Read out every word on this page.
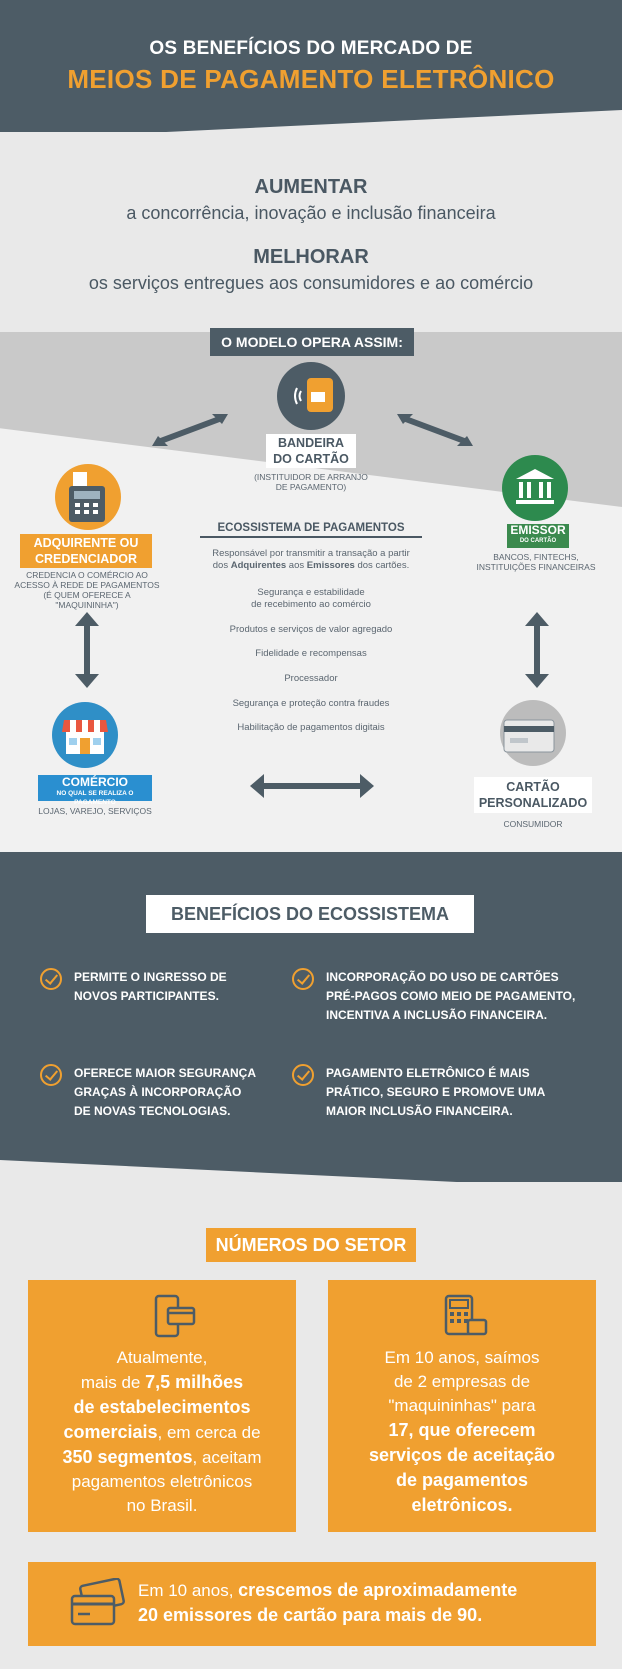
OS BENEFÍCIOS DO MERCADO DE
MEIOS DE PAGAMENTO ELETRÔNICO
AUMENTAR
a concorrência, inovação e inclusão financeira
MELHORAR
os serviços entregues aos consumidores e ao comércio
O MODELO OPERA ASSIM:
BANDEIRA
DO CARTÃO
(INSTITUIDOR DE ARRANJO DE PAGAMENTO)
ADQUIRENTE OU
CREDENCIADOR
CREDENCIA O COMÉRCIO AO ACESSO À REDE DE PAGAMENTOS (É QUEM OFERECE A "MAQUININHA")
EMISSOR
DO CARTÃO
BANCOS, FINTECHS, INSTITUIÇÕES FINANCEIRAS
ECOSSISTEMA DE PAGAMENTOS
Responsável por transmitir a transação a partir
dos Adquirentes aos Emissores dos cartões.
Segurança e estabilidade
de recebimento ao comércio
Produtos e serviços de valor agregado
Fidelidade e recompensas
Processador
Segurança e proteção contra fraudes
Habilitação de pagamentos digitais
COMÉRCIO
NO QUAL SE REALIZA O PAGAMENTO
LOJAS, VAREJO, SERVIÇOS
CARTÃO
PERSONALIZADO
CONSUMIDOR
BENEFÍCIOS DO ECOSSISTEMA
PERMITE O INGRESSO DE
NOVOS PARTICIPANTES.
INCORPORAÇÃO DO USO DE CARTÕES
PRÉ-PAGOS COMO MEIO DE PAGAMENTO,
INCENTIVA A INCLUSÃO FINANCEIRA.
OFERECE MAIOR SEGURANÇA
GRAÇAS À INCORPORAÇÃO
DE NOVAS TECNOLOGIAS.
PAGAMENTO ELETRÔNICO É MAIS
PRÁTICO, SEGURO E PROMOVE UMA
MAIOR INCLUSÃO FINANCEIRA.
NÚMEROS DO SETOR
Atualmente,
mais de 7,5 milhões
de estabelecimentos
comerciais, em cerca de
350 segmentos, aceitam
pagamentos eletrônicos
no Brasil.
Em 10 anos, saímos
de 2 empresas de
"maquininhas" para
17, que oferecem
serviços de aceitação
de pagamentos
eletrônicos.
Em 10 anos, crescemos de aproximadamente
20 emissores de cartão para mais de 90.
